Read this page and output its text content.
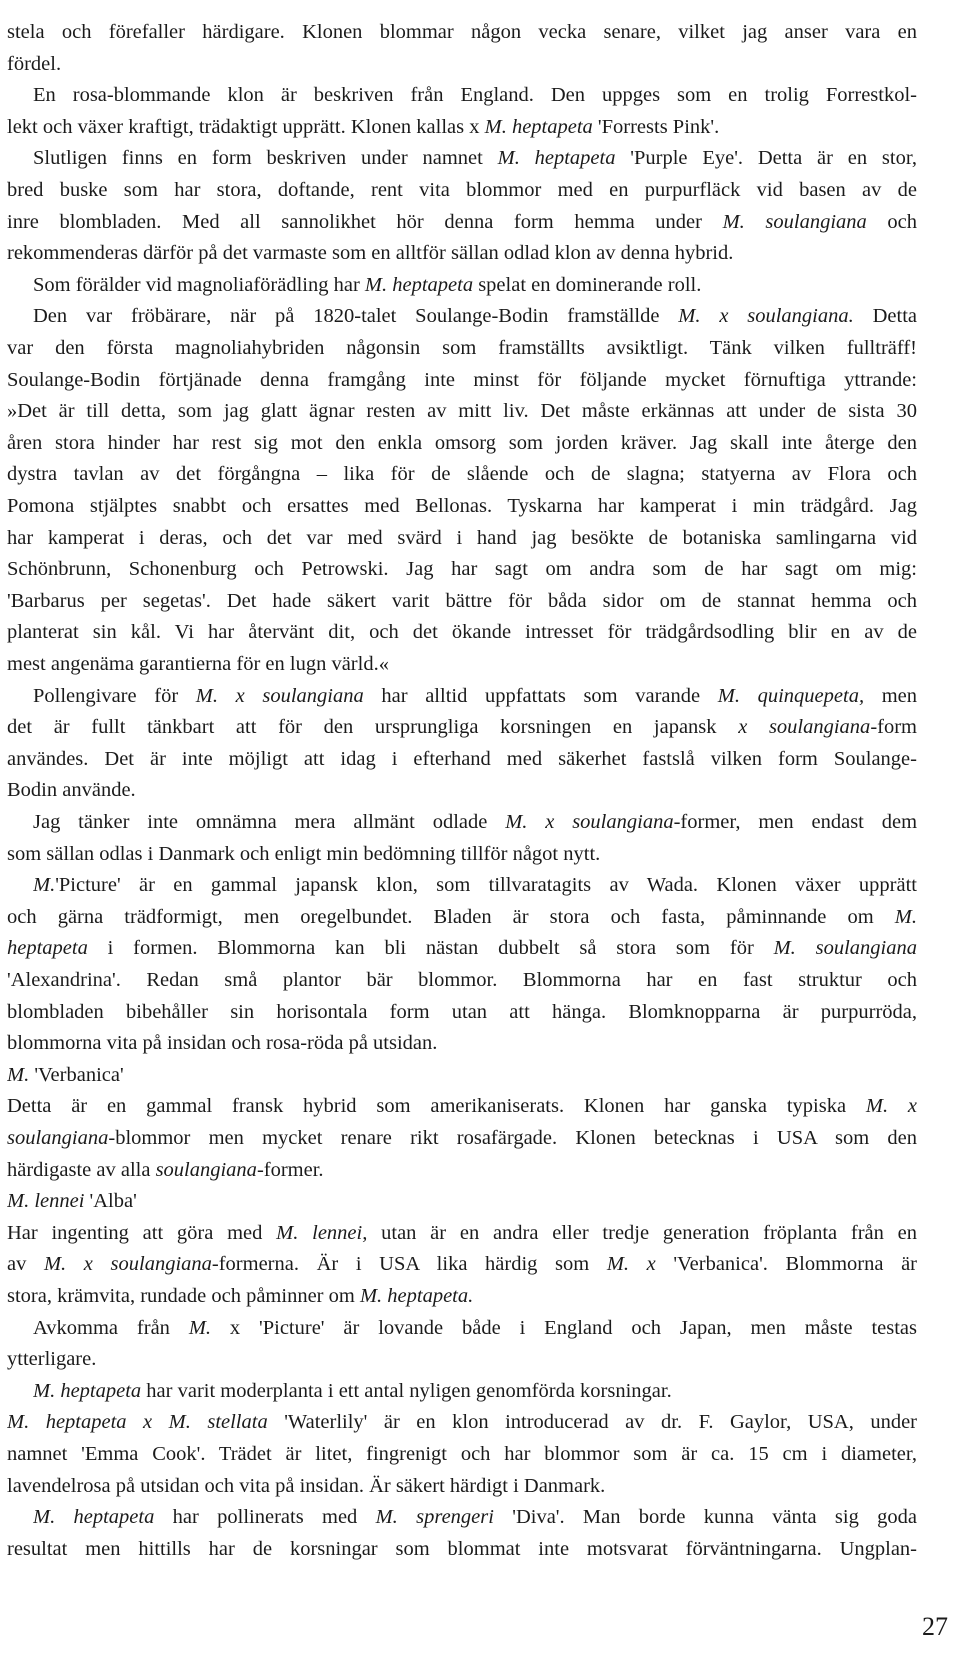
stela och förefaller härdigare. Klonen blommar någon vecka senare, vilket jag anser vara en
fördel.
En rosa-blommande klon är beskriven från England. Den uppges som en trolig Forrestkol-
lekt och växer kraftigt, trädaktigt upprätt. Klonen kallas x M. heptapeta 'Forrests Pink'.
Slutligen finns en form beskriven under namnet M. heptapeta 'Purple Eye'. Detta är en stor,
bred buske som har stora, doftande, rent vita blommor med en purpurfläck vid basen av de
inre blombladen. Med all sannolikhet hör denna form hemma under M. soulangiana och
rekommenderas därför på det varmaste som en alltför sällan odlad klon av denna hybrid.
Som förälder vid magnoliaförädling har M. heptapeta spelat en dominerande roll.
Den var fröbärare, när på 1820-talet Soulange-Bodin framställde M. x soulangiana. Detta
var den första magnoliahybriden någonsin som framställts avsiktligt. Tänk vilken fullträff!
Soulange-Bodin förtjänade denna framgång inte minst för följande mycket förnuftiga yttrande:
»Det är till detta, som jag glatt ägnar resten av mitt liv. Det måste erkännas att under de sista 30
åren stora hinder har rest sig mot den enkla omsorg som jorden kräver. Jag skall inte återge den
dystra tavlan av det förgångna – lika för de slående och de slagna; statyerna av Flora och
Pomona stjälptes snabbt och ersattes med Bellonas. Tyskarna har kamperat i min trädgård. Jag
har kamperat i deras, och det var med svärd i hand jag besökte de botaniska samlingarna vid
Schönbrunn, Schonenburg och Petrowski. Jag har sagt om andra som de har sagt om mig:
'Barbarus per segetas'. Det hade säkert varit bättre för båda sidor om de stannat hemma och
planterat sin kål. Vi har återvänt dit, och det ökande intresset för trädgårdsodling blir en av de
mest angenäma garantierna för en lugn värld.«
Pollengivare för M. x soulangiana har alltid uppfattats som varande M. quinquepeta, men
det är fullt tänkbart att för den ursprungliga korsningen en japansk x soulangiana-form
användes. Det är inte möjligt att idag i efterhand med säkerhet fastslå vilken form Soulange-
Bodin använde.
Jag tänker inte omnämna mera allmänt odlade M. x soulangiana-former, men endast dem
som sällan odlas i Danmark och enligt min bedömning tillför något nytt.
M.'Picture' är en gammal japansk klon, som tillvaratagits av Wada. Klonen växer upprätt
och gärna trädformigt, men oregelbundet. Bladen är stora och fasta, påminnande om M.
heptapeta i formen. Blommorna kan bli nästan dubbelt så stora som för M. soulangiana
'Alexandrina'. Redan små plantor bär blommor. Blommorna har en fast struktur och
blombladen bibehåller sin horisontala form utan att hänga. Blomknopparna är purpurröda,
blommorna vita på insidan och rosa-röda på utsidan.
M. 'Verbanica'
Detta är en gammal fransk hybrid som amerikaniserats. Klonen har ganska typiska M. x
soulangiana-blommor men mycket renare rikt rosafärgade. Klonen betecknas i USA som den
härdigaste av alla soulangiana-former.
M. lennei 'Alba'
Har ingenting att göra med M. lennei, utan är en andra eller tredje generation fröplanta från en
av M. x soulangiana-formerna. Är i USA lika härdig som M. x 'Verbanica'. Blommorna är
stora, krämvita, rundade och påminner om M. heptapeta.
Avkomma från M. x 'Picture' är lovande både i England och Japan, men måste testas
ytterligare.
M. heptapeta har varit moderplanta i ett antal nyligen genomförda korsningar.
M. heptapeta x M. stellata 'Waterlily' är en klon introducerad av dr. F. Gaylor, USA, under
namnet 'Emma Cook'. Trädet är litet, fingrenigt och har blommor som är ca. 15 cm i diameter,
lavendelrosa på utsidan och vita på insidan. Är säkert härdigt i Danmark.
M. heptapeta har pollinerats med M. sprengeri 'Diva'. Man borde kunna vänta sig goda
resultat men hittills har de korsningar som blommat inte motsvarat förväntningarna. Ungplan-
27
